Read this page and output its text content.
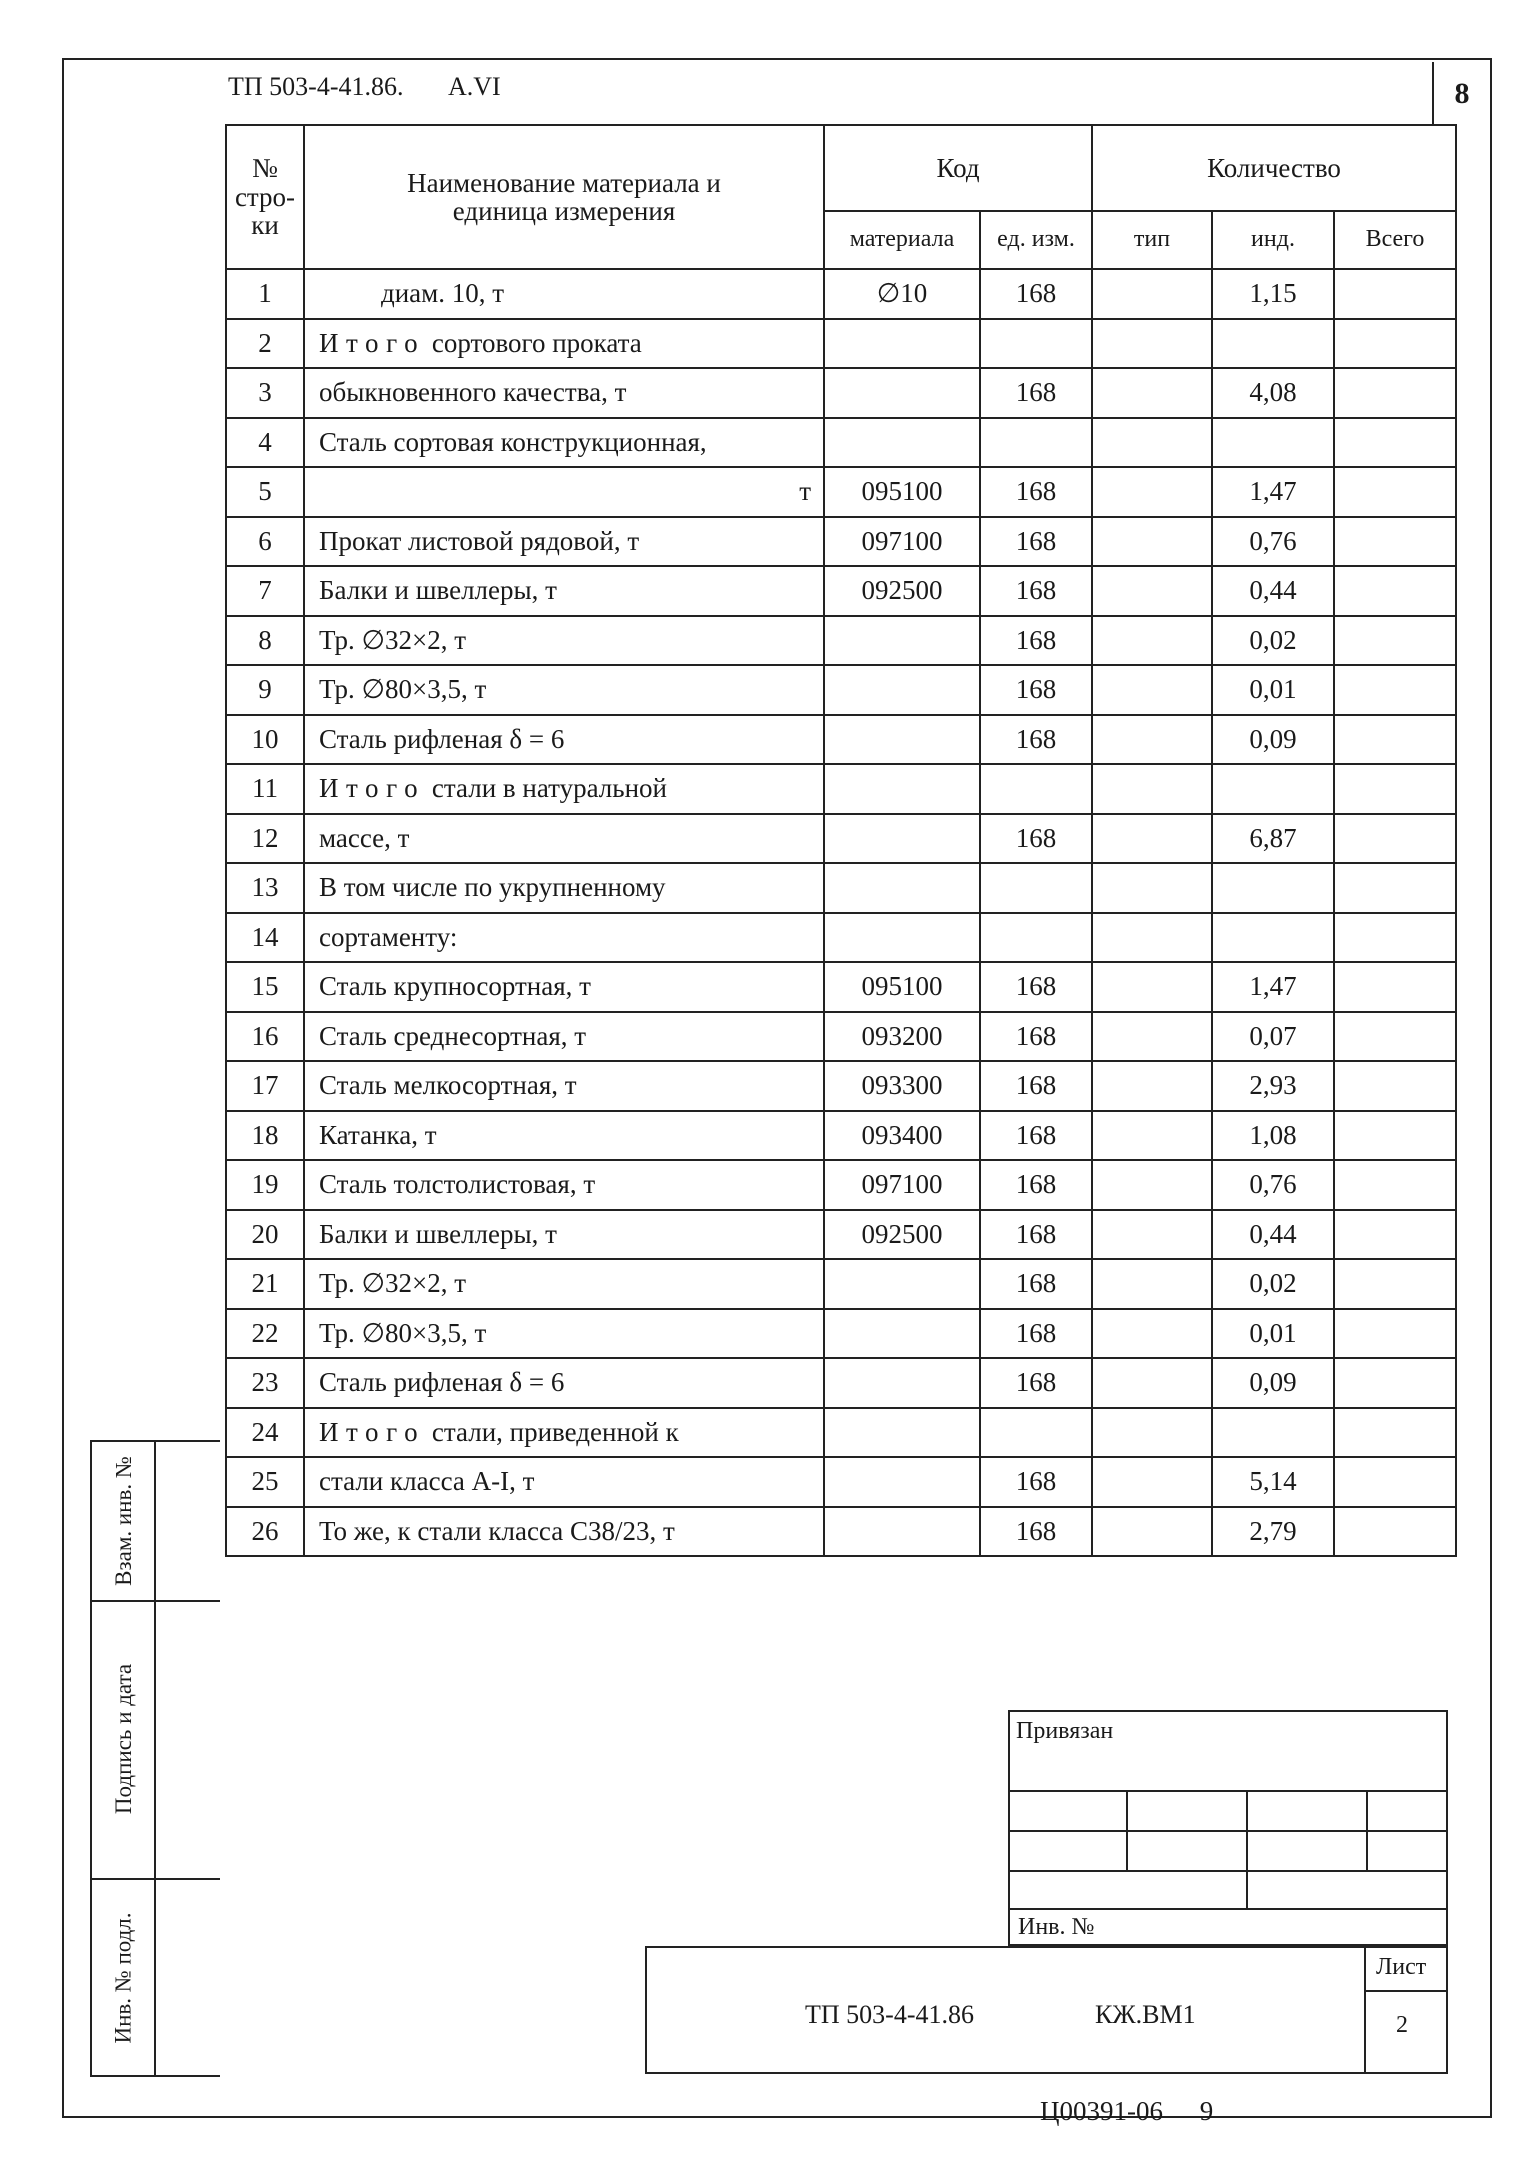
ТП 503-4-41.86. A.VI	8
№ стро- ки	Наименование материала и единица измерения	Код		Количество		
		материала	ед. изм.	тип	инд.	Всего
1	диам. 10, т	∅10	168		1,15	
2	Итого сортового проката					
3	обыкновенного качества, т		168		4,08	
4	Сталь сортовая конструкционная,					
5	т	095100	168		1,47	
6	Прокат листовой рядовой, т	097100	168		0,76	
7	Балки и швеллеры, т	092500	168		0,44	
8	Тр. ∅32×2, т		168		0,02	
9	Тр. ∅80×3,5, т		168		0,01	
10	Сталь рифленая δ = 6		168		0,09	
11	Итого стали в натуральной					
12	массе, т		168		6,87	
13	В том числе по укрупненному					
14	сортаменту:					
15	Сталь крупносортная, т	095100	168		1,47	
16	Сталь среднесортная, т	093200	168		0,07	
17	Сталь мелкосортная, т	093300	168		2,93	
18	Катанка, т	093400	168		1,08	
19	Сталь толстолистовая, т	097100	168		0,76	
20	Балки и швеллеры, т	092500	168		0,44	
21	Тр. ∅32×2, т		168		0,02	
22	Тр. ∅80×3,5, т		168		0,01	
23	Сталь рифленая δ = 6		168		0,09	
24	Итого стали, приведенной к					
25	стали класса А-I, т		168		5,14	
26	То же, к стали класса С38/23, т		168		2,79	
Взам. инв. №
Подпись и дата
Инв. № подл.
Привязан
Инв. №
ТП 503-4-41.86	КЖ.ВМ1
Лист
2
Ц00391-06 9
